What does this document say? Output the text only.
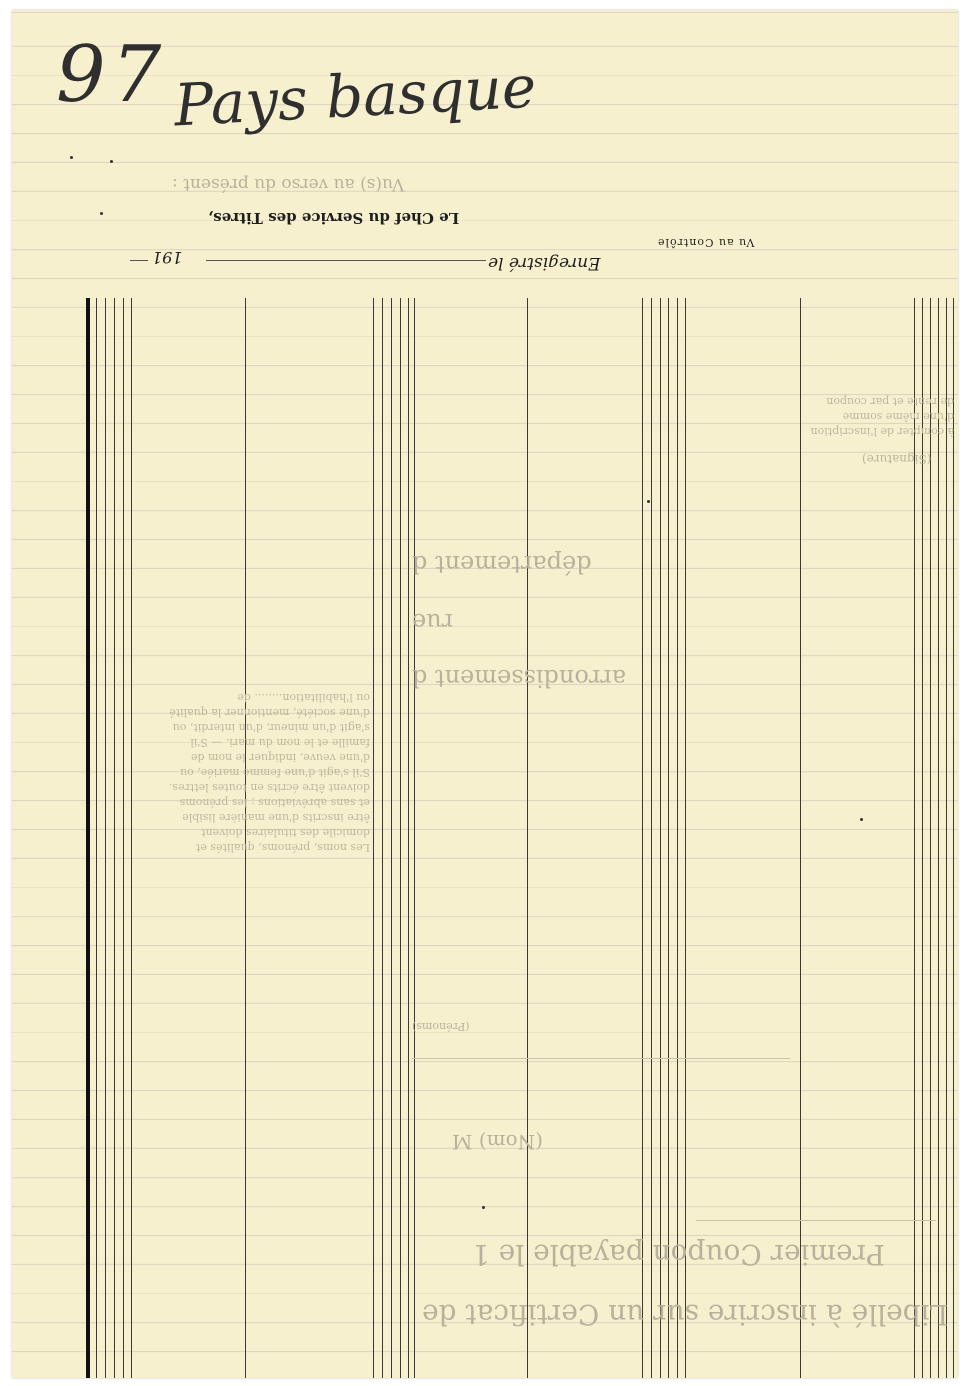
97 Pays basque
Vu(s) au verso du présent :
Le Chef du Service des Titres,
Vu au Contrôle
Enregistré le
191
département d
rue
arrondissement d
(Prénoms)
(Nom) M
Premier Coupon payable le 1
Libellé à inscrire sur un Certificat de
(Signature)
à compter de l'inscription
d'une même somme
de rente et par coupon
Les noms, prénoms, qualités et
domicile des titulaires doivent
être inscrits d'une manière lisible
et sans abréviations ; les prénoms
doivent être écrits en toutes lettres.
S'il s'agit d'une femme mariée, ou
d'une veuve, indiquer le nom de
famille et le nom du mari. — S'il
s'agit d'un mineur, d'un interdit, ou
d'une société, mentionner la qualité
ou l'habilitation........ de
